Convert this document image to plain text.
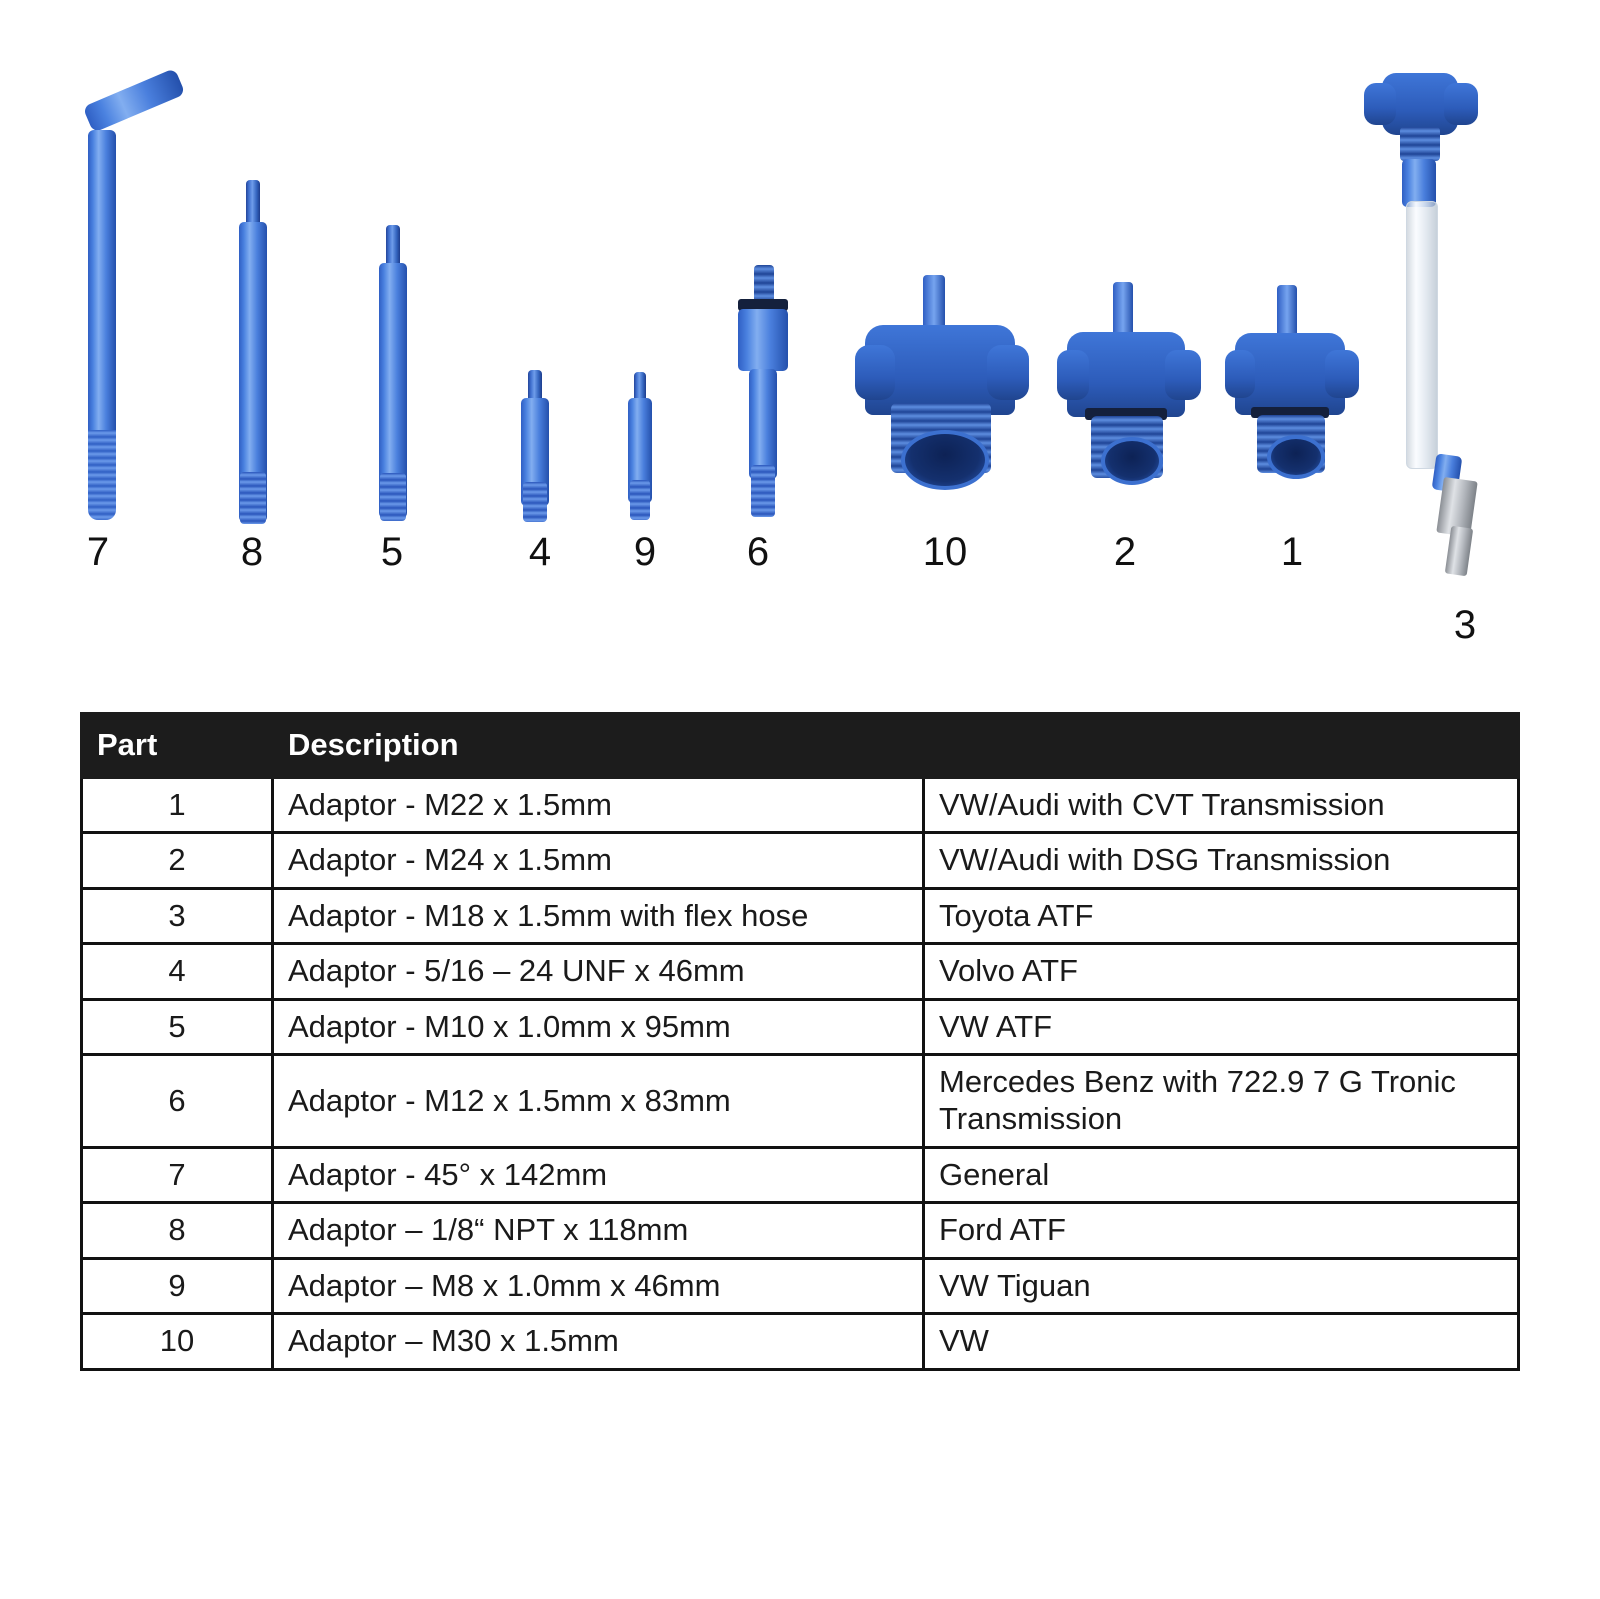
7	8	5	4	9	6	10	2	1
3
Part	Description	
1	Adaptor - M22 x 1.5mm	VW/Audi with CVT Transmission
2	Adaptor - M24 x 1.5mm	VW/Audi with DSG Transmission
3	Adaptor - M18 x 1.5mm with flex hose	Toyota ATF
4	Adaptor - 5/16 – 24 UNF x 46mm	Volvo ATF
5	Adaptor - M10 x 1.0mm x 95mm	VW ATF
6	Adaptor - M12 x 1.5mm x 83mm	Mercedes Benz with 722.9 7 G Tronic Transmission
7	Adaptor - 45° x 142mm	General
8	Adaptor – 1/8“ NPT x 118mm	Ford ATF
9	Adaptor – M8 x 1.0mm x 46mm	VW Tiguan
10	Adaptor – M30 x 1.5mm	VW
